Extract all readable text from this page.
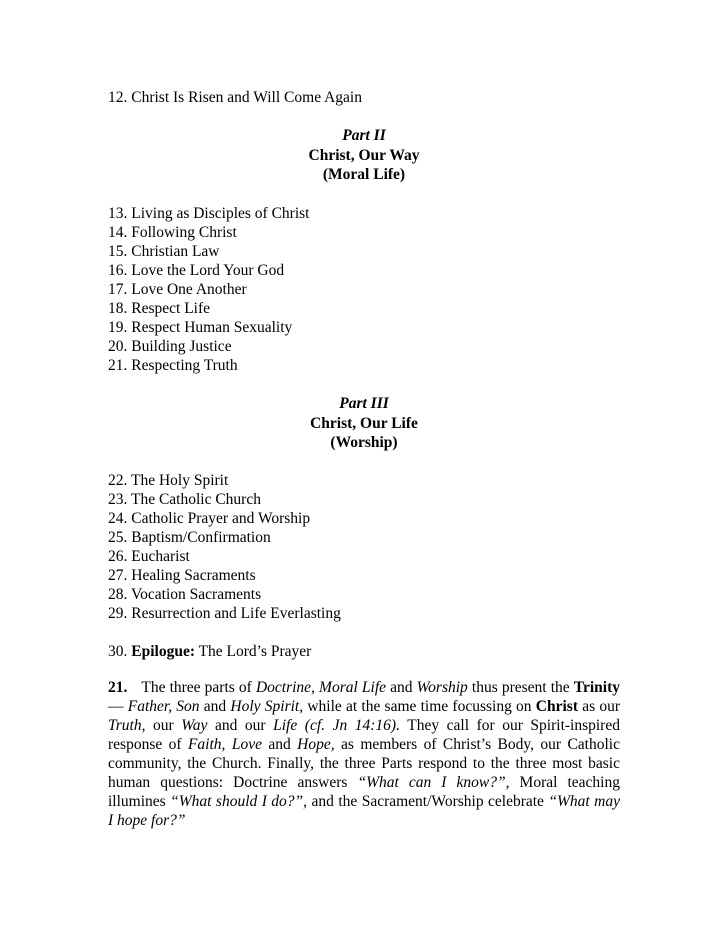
12. Christ Is Risen and Will Come Again
Part II
Christ, Our Way
(Moral Life)
13. Living as Disciples of Christ
14. Following Christ
15. Christian Law
16. Love the Lord Your God
17. Love One Another
18. Respect Life
19. Respect Human Sexuality
20. Building Justice
21. Respecting Truth
Part III
Christ, Our Life
(Worship)
22. The Holy Spirit
23. The Catholic Church
24. Catholic Prayer and Worship
25. Baptism/Confirmation
26. Eucharist
27. Healing Sacraments
28. Vocation Sacraments
29. Resurrection and Life Everlasting
30. Epilogue: The Lord’s Prayer
21. The three parts of Doctrine, Moral Life and Worship thus present the Trinity — Father, Son and Holy Spirit, while at the same time focussing on Christ as our Truth, our Way and our Life (cf. Jn 14:16). They call for our Spirit-inspired response of Faith, Love and Hope, as members of Christ’s Body, our Catholic community, the Church. Finally, the three Parts respond to the three most basic human questions: Doctrine answers “What can I know?”, Moral teaching illumines “What should I do?”, and the Sacrament/Worship celebrate “What may I hope for?”
